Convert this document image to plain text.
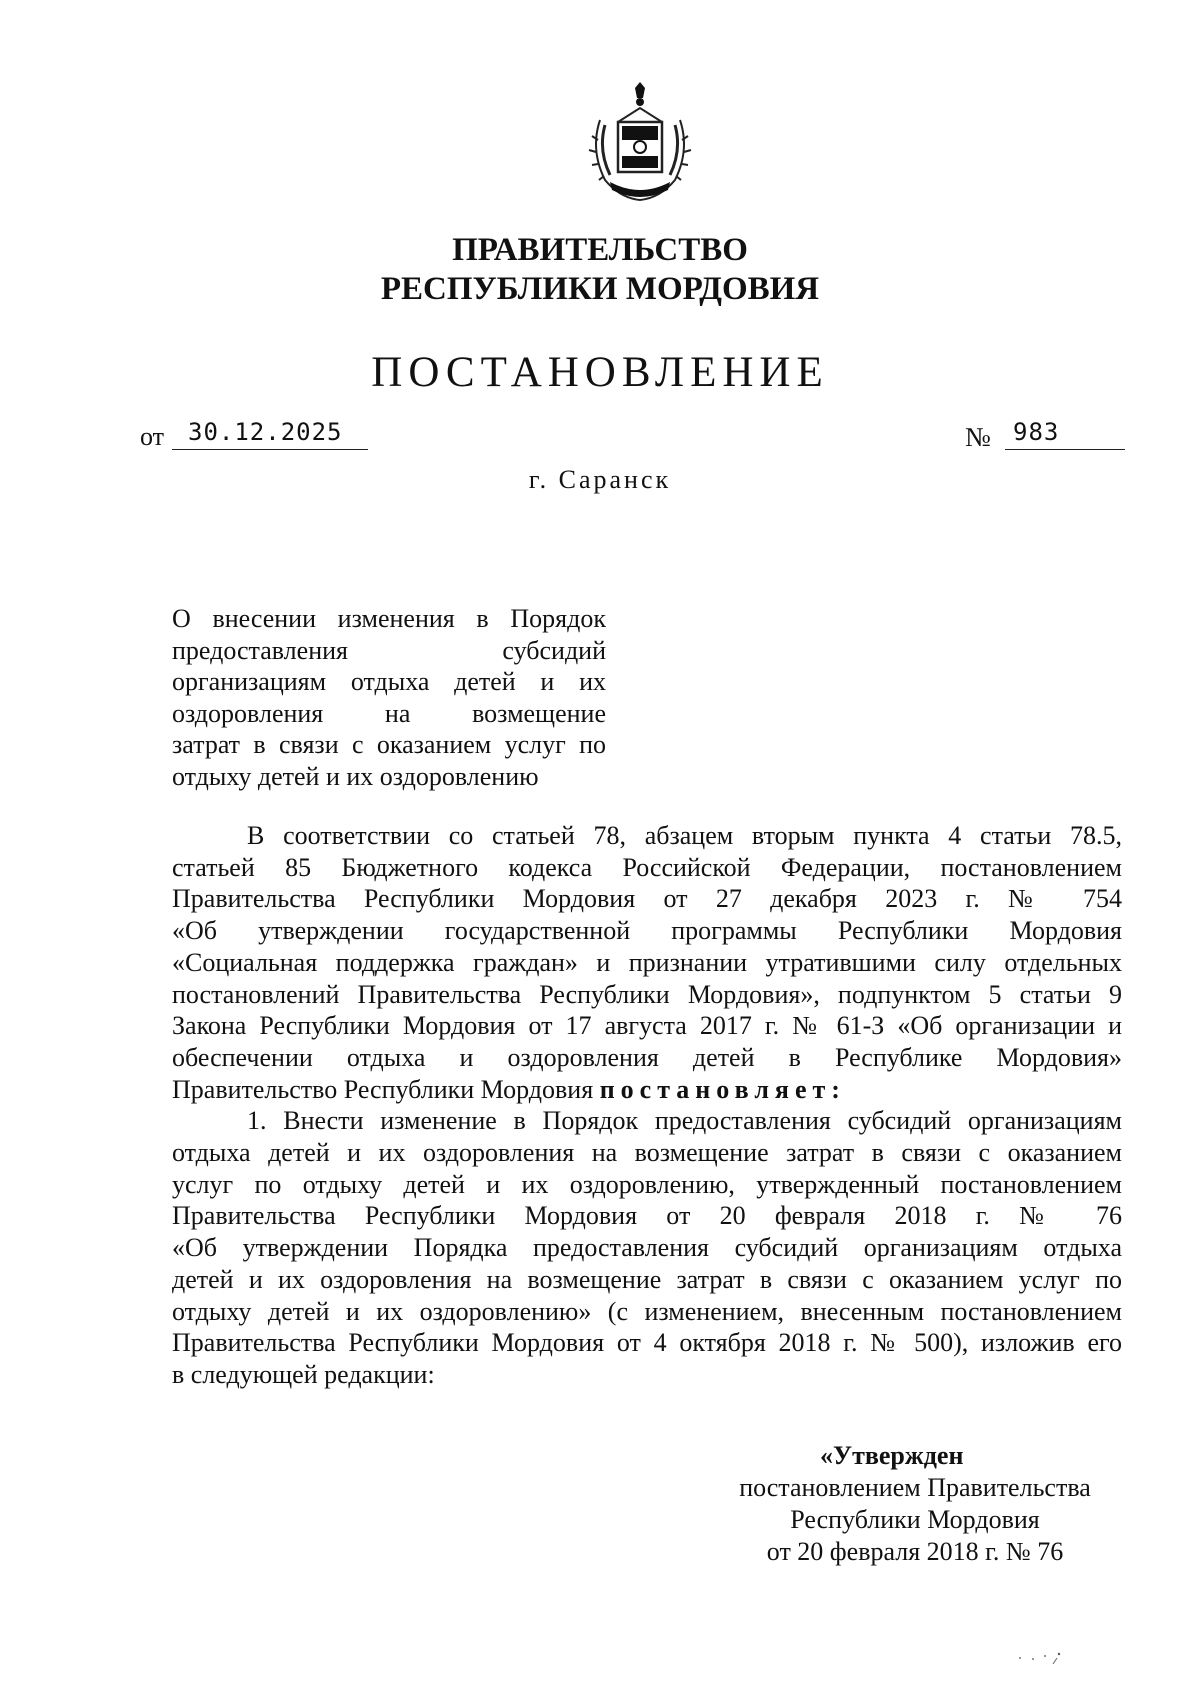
ПРАВИТЕЛЬСТВО
РЕСПУБЛИКИ МОРДОВИЯ
ПОСТАНОВЛЕНИЕ
от 30.12.2025	№ 983
г. Саранск
О внесении изменения в Порядок
предоставления субсидий
организациям отдыха детей и их
оздоровления на возмещение
затрат в связи с оказанием услуг по
отдыху детей и их оздоровлению
В соответствии со статьей 78, абзацем вторым пункта 4 статьи 78.5,
статьей 85 Бюджетного кодекса Российской Федерации, постановлением
Правительства Республики Мордовия от 27 декабря 2023 г. № 754
«Об утверждении государственной программы Республики Мордовия
«Социальная поддержка граждан» и признании утратившими силу отдельных
постановлений Правительства Республики Мордовия», подпунктом 5 статьи 9
Закона Республики Мордовия от 17 августа 2017 г. № 61-З «Об организации и
обеспечении отдыха и оздоровления детей в Республике Мордовия»
Правительство Республики Мордовия постановляет:
1. Внести изменение в Порядок предоставления субсидий организациям
отдыха детей и их оздоровления на возмещение затрат в связи с оказанием
услуг по отдыху детей и их оздоровлению, утвержденный постановлением
Правительства Республики Мордовия от 20 февраля 2018 г. № 76
«Об утверждении Порядка предоставления субсидий организациям отдыха
детей и их оздоровления на возмещение затрат в связи с оказанием услуг по
отдыху детей и их оздоровлению» (с изменением, внесенным постановлением
Правительства Республики Мордовия от 4 октября 2018 г. № 500), изложив его
в следующей редакции:
«Утвержден
постановлением Правительства
Республики Мордовия
от 20 февраля 2018 г. № 76
